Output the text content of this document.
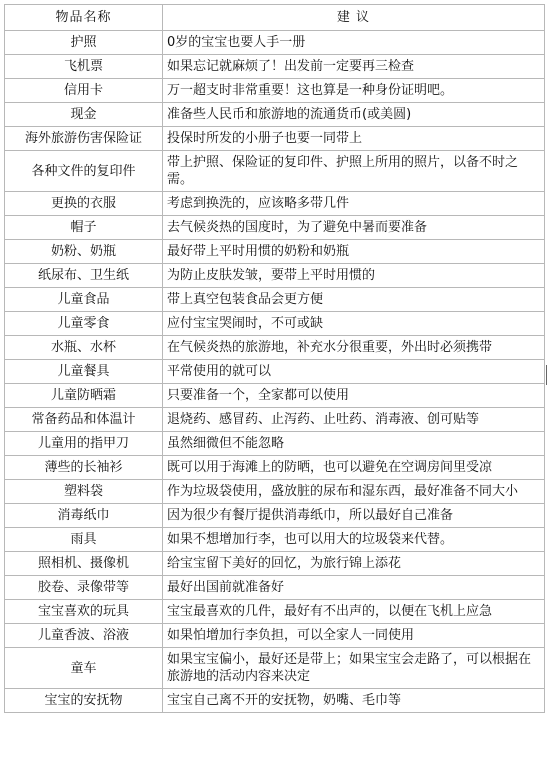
物品名称	建 议
护照	0岁的宝宝也要人手一册
飞机票	如果忘记就麻烦了！出发前一定要再三检查
信用卡	万一超支时非常重要！这也算是一种身份证明吧。
现金	准备些人民币和旅游地的流通货币(或美圆)
海外旅游伤害保险证	投保时所发的小册子也要一同带上
各种文件的复印件	带上护照、保险证的复印件、护照上所用的照片，以备不时之需。
更换的衣服	考虑到换洗的，应该略多带几件
帽子	去气候炎热的国度时，为了避免中暑而要准备
奶粉、奶瓶	最好带上平时用惯的奶粉和奶瓶
纸尿布、卫生纸	为防止皮肤发皱，要带上平时用惯的
儿童食品	带上真空包装食品会更方便
儿童零食	应付宝宝哭闹时，不可或缺
水瓶、水杯	在气候炎热的旅游地，补充水分很重要，外出时必须携带
儿童餐具	平常使用的就可以
儿童防晒霜	只要准备一个，全家都可以使用
常备药品和体温计	退烧药、感冒药、止泻药、止吐药、消毒液、创可贴等
儿童用的指甲刀	虽然细微但不能忽略
薄些的长袖衫	既可以用于海滩上的防晒，也可以避免在空调房间里受凉
塑料袋	作为垃圾袋使用，盛放脏的尿布和湿东西，最好准备不同大小
消毒纸巾	因为很少有餐厅提供消毒纸巾，所以最好自己准备
雨具	如果不想增加行李，也可以用大的垃圾袋来代替。
照相机、摄像机	给宝宝留下美好的回忆，为旅行锦上添花
胶卷、录像带等	最好出国前就准备好
宝宝喜欢的玩具	宝宝最喜欢的几件，最好有不出声的，以便在飞机上应急
儿童香波、浴液	如果怕增加行李负担，可以全家人一同使用
童车	如果宝宝偏小，最好还是带上；如果宝宝会走路了，可以根据在旅游地的活动内容来决定
宝宝的安抚物	宝宝自己离不开的安抚物，奶嘴、毛巾等
